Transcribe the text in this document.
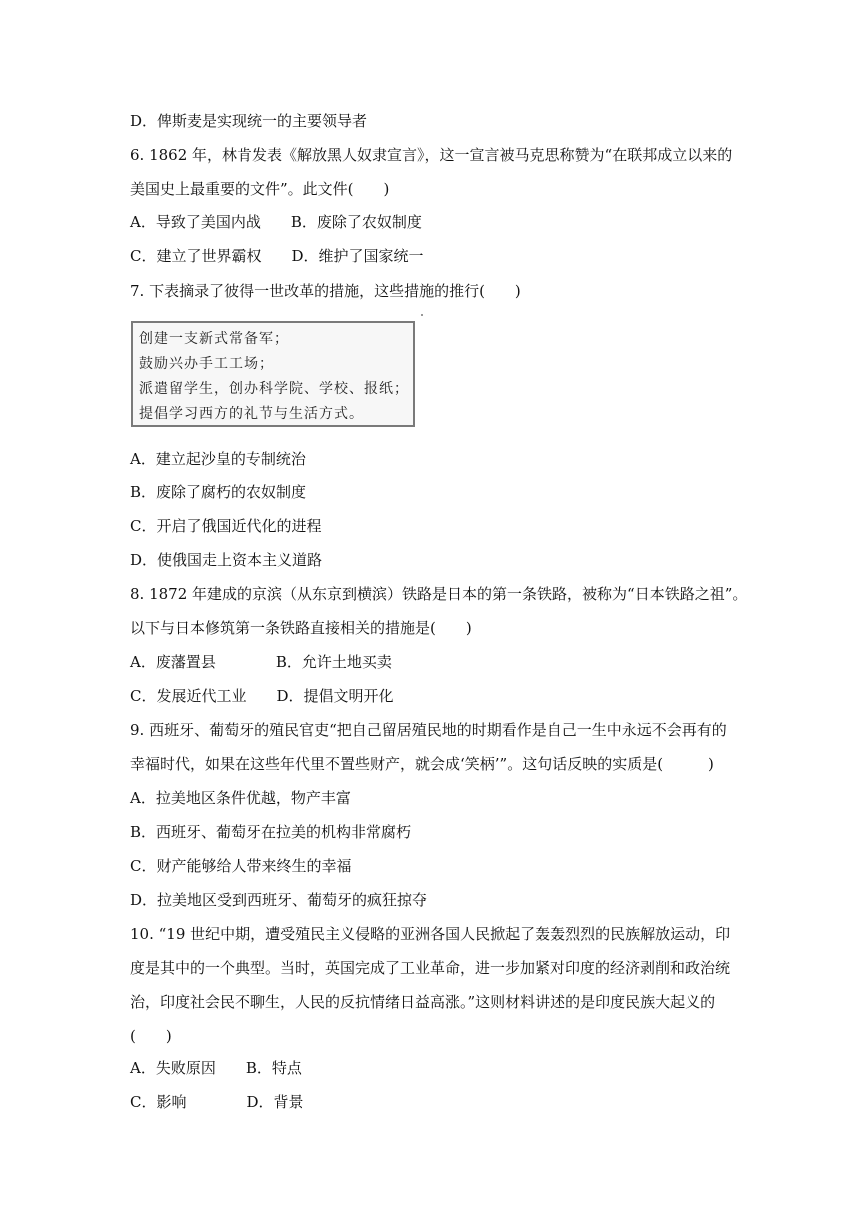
D．俾斯麦是实现统一的主要领导者
6. 1862 年，林肯发表《解放黑人奴隶宣言》，这一宣言被马克思称赞为“在联邦成立以来的
美国史上最重要的文件”。此文件(　　)
A．导致了美国内战　　B．废除了农奴制度
C．建立了世界霸权　　D．维护了国家统一
7. 下表摘录了彼得一世改革的措施，这些措施的推行(　　)
创建一支新式常备军；
鼓励兴办手工工场；
派遣留学生，创办科学院、学校、报纸；
提倡学习西方的礼节与生活方式。
A．建立起沙皇的专制统治
B．废除了腐朽的农奴制度
C．开启了俄国近代化的进程
D．使俄国走上资本主义道路
8. 1872 年建成的京滨（从东京到横滨）铁路是日本的第一条铁路，被称为“日本铁路之祖”。
以下与日本修筑第一条铁路直接相关的措施是(　　)
A．废藩置县　　　　B．允许土地买卖
C．发展近代工业　　D．提倡文明开化
9. 西班牙、葡萄牙的殖民官吏“把自己留居殖民地的时期看作是自己一生中永远不会再有的
幸福时代，如果在这些年代里不置些财产，就会成‘笑柄’”。这句话反映的实质是(　　　)
A．拉美地区条件优越，物产丰富
B．西班牙、葡萄牙在拉美的机构非常腐朽
C．财产能够给人带来终生的幸福
D．拉美地区受到西班牙、葡萄牙的疯狂掠夺
10. “19 世纪中期，遭受殖民主义侵略的亚洲各国人民掀起了轰轰烈烈的民族解放运动，印
度是其中的一个典型。当时，英国完成了工业革命，进一步加紧对印度的经济剥削和政治统
治，印度社会民不聊生，人民的反抗情绪日益高涨。”这则材料讲述的是印度民族大起义的
(　　)
A．失败原因　　B．特点
C．影响　　　　D．背景
